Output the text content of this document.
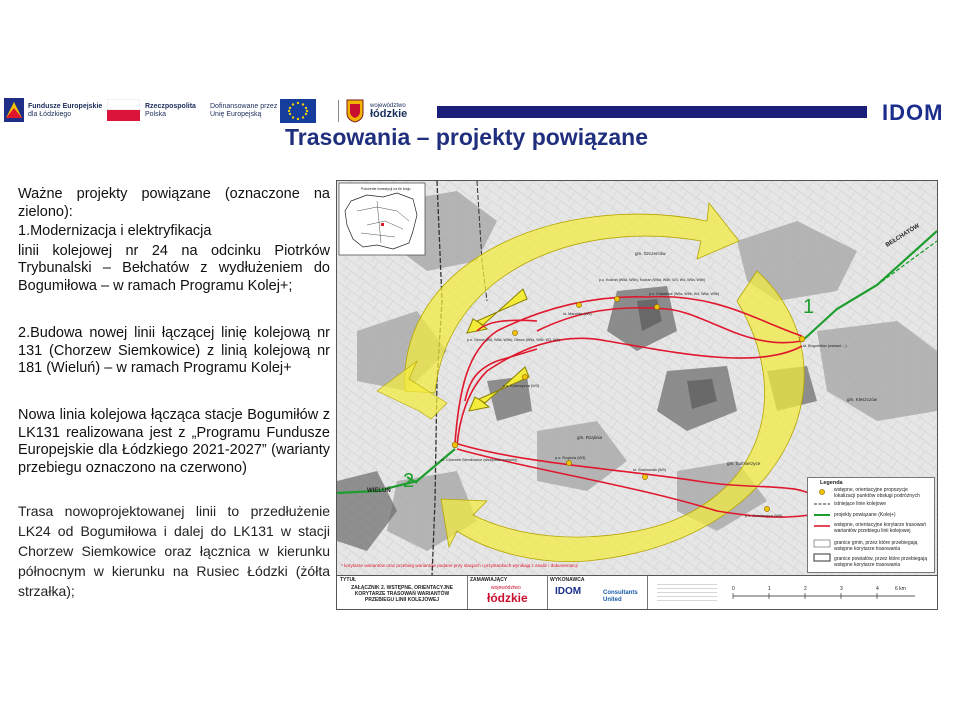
Fundusze Europejskie
dla Łódzkiego
Rzeczpospolita
Polska
Dofinansowane przez
Unię Europejską
województwo
łódzkie	IDOM
Trasowania – projekty powiązane

Ważne projekty powiązane (oznaczone na zielono):

1.Modernizacja i elektryfikacja

linii kolejowej nr 24 na odcinku Piotrków Trybunalski – Bełchatów z wydłużeniem do Bogumiłowa – w ramach Programu Kolej+;

2.Budowa nowej linii łączącej linię kolejową nr 131 (Chorzew Siemkowice) z linią kolejową nr 181 (Wieluń) – w ramach Programu Kolej+
Nowa linia kolejowa łącząca stacje Bogumiłów z LK131 realizowana jest z „Programu Fundusze Europejskie dla Łódzkiego 2021-2027” (warianty przebiegu oznaczono na czerwono)
Trasa nowoprojektowanej linii to przedłużenie LK24 od Bogumiłowa i dalej do LK131 w stacji Chorzew Siemkowice oraz łącznica w kierunku północnym w kierunku na Rusiec Łódzki (żółta strzałka);
Położenie inwestycji na tle kraju
BEŁCHATÓW
WIELUŃ
1
2
p.o. Kodrań (W5a, W5b), Kodrań (W5a, W5b, W3, W4, W5a, W5b)
p.o. Chabielice (W5a, W5b, W4, W5a, W5b)
st. Marcelin (W5)
p.o. Obrów (W5, W5a, W5b), Obrów (W5a, W5b, W3, W4)
p.o. Kuleczyzna (W3)
st. Bogumiłów (wariant ...)
st. Chorzew Siemkowice (wszystkie warianty)
gm. Rząśnia
p.o. Rząśnia (W3)
st. Suchowola (W3)
gm. Szczerców
gm. Kleszczów
gm. Sulmierzyce
p.o. Sulmierzyce (W5)
* korytarze wariantów oraz przebieg wariantów podane przy stacjach i przystankach wynikają z analiz i dokumentacji
Legenda
wstępne, orientacyjne propozycje lokalizacji punktów obsługi podróżnych
istniejące linie kolejowe
projekty powiązane (Kolej+)
wstępne, orientacyjne korytarze trasowań wariantów przebiegu linii kolejowej
granice gmin, przez które przebiegają wstępne korytarze trasowania
granice powiatów, przez które przebiegają wstępne korytarze trasowania
TYTUŁ
ZAŁĄCZNIK 2. WSTĘPNE, ORIENTACYJNE KORYTARZE TRASOWAŃ WARIANTÓW PRZEBIEGU LINII KOLEJOWEJ
ZAMAWIAJĄCY
województwo
łódzkie
WYKONAWCA
IDOM	Consultants United
0	1	2	3	4	6 km
